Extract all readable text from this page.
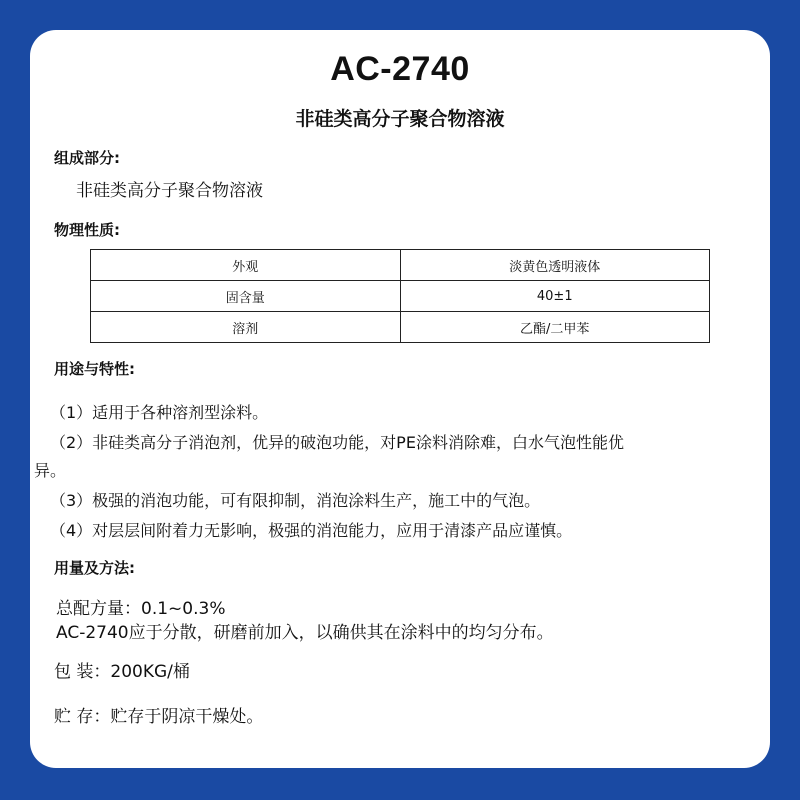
AC-2740
非硅类高分子聚合物溶液
组成部分:
非硅类高分子聚合物溶液
物理性质:
外观	淡黄色透明液体
固含量	40±1
溶剂	乙酯/二甲苯
用途与特性:
（1）适用于各种溶剂型涂料。
（2）非硅类高分子消泡剂，优异的破泡功能，对PE涂料消除难，白水气泡性能优
异。
（3）极强的消泡功能，可有限抑制，消泡涂料生产，施工中的气泡。
（4）对层层间附着力无影响，极强的消泡能力，应用于清漆产品应谨慎。
用量及方法:
总配方量：0.1~0.3%
AC-2740应于分散，研磨前加入，以确供其在涂料中的均匀分布。
包 装：200KG/桶
贮 存：贮存于阴凉干燥处。
